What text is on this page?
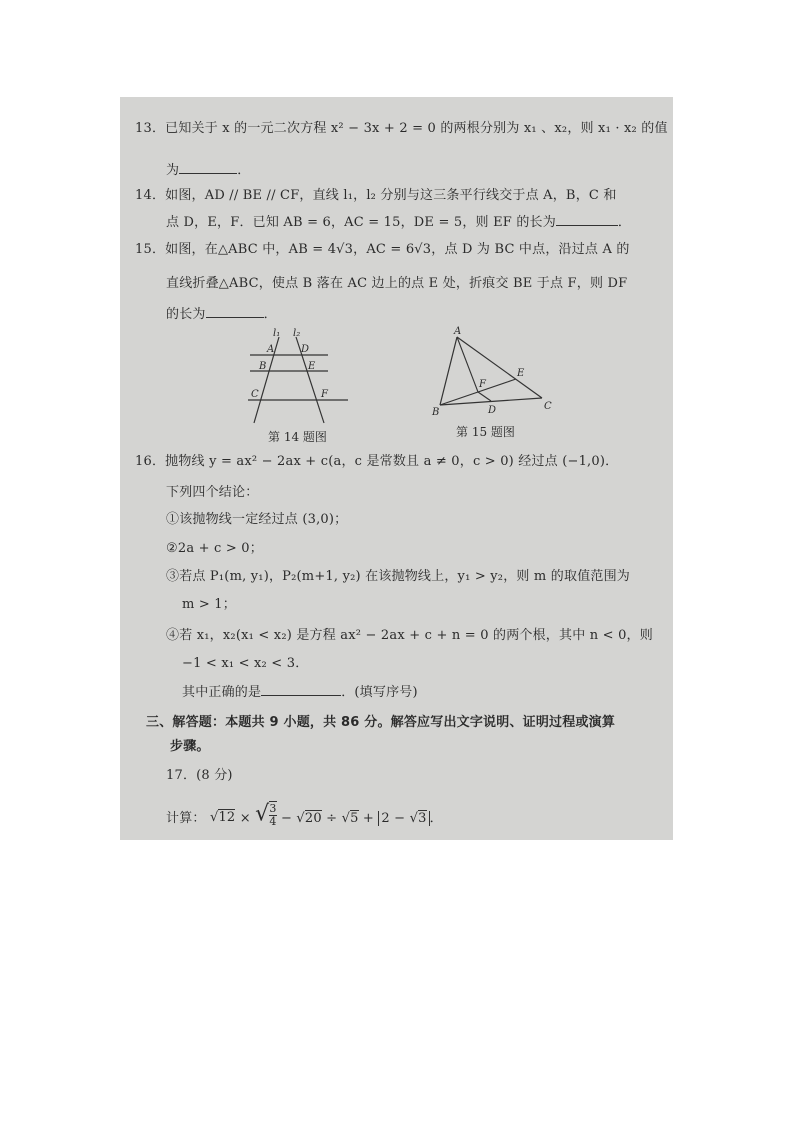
13．已知关于 x 的一元二次方程 x² − 3x + 2 = 0 的两根分别为 x₁ 、x₂，则 x₁ · x₂ 的值
为	．
14．如图，AD // BE // CF，直线 l₁，l₂ 分别与这三条平行线交于点 A，B，C 和
点 D，E，F．已知 AB = 6，AC = 15，DE = 5，则 EF 的长为	．
15．如图，在△ABC 中，AB = 4√3，AC = 6√3，点 D 为 BC 中点，沿过点 A 的
直线折叠△ABC，使点 B 落在 AC 边上的点 E 处，折痕交 BE 于点 F，则 DF
的长为	．
l₁ l₂
A	D
B	E
C	F
第 14 题图
A
B
C
D
E
F
第 15 题图
16．抛物线 y = ax² − 2ax + c(a，c 是常数且 a ≠ 0，c > 0) 经过点 (−1,0)．
下列四个结论：
①该抛物线一定经过点 (3,0)；
②2a + c > 0；
③若点 P₁(m, y₁)，P₂(m+1, y₂) 在该抛物线上，y₁ > y₂，则 m 的取值范围为
m > 1；
④若 x₁，x₂(x₁ < x₂) 是方程 ax² − 2ax + c + n = 0 的两个根，其中 n < 0，则
−1 < x₁ < x₂ < 3．
其中正确的是	．(填写序号)
三、解答题：本题共 9 小题，共 86 分。解答应写出文字说明、证明过程或演算
步骤。
17．(8 分)
计算： √12 × √ $\frac{3}{4} - √20 \div √5 + 2 - √3$ ．
